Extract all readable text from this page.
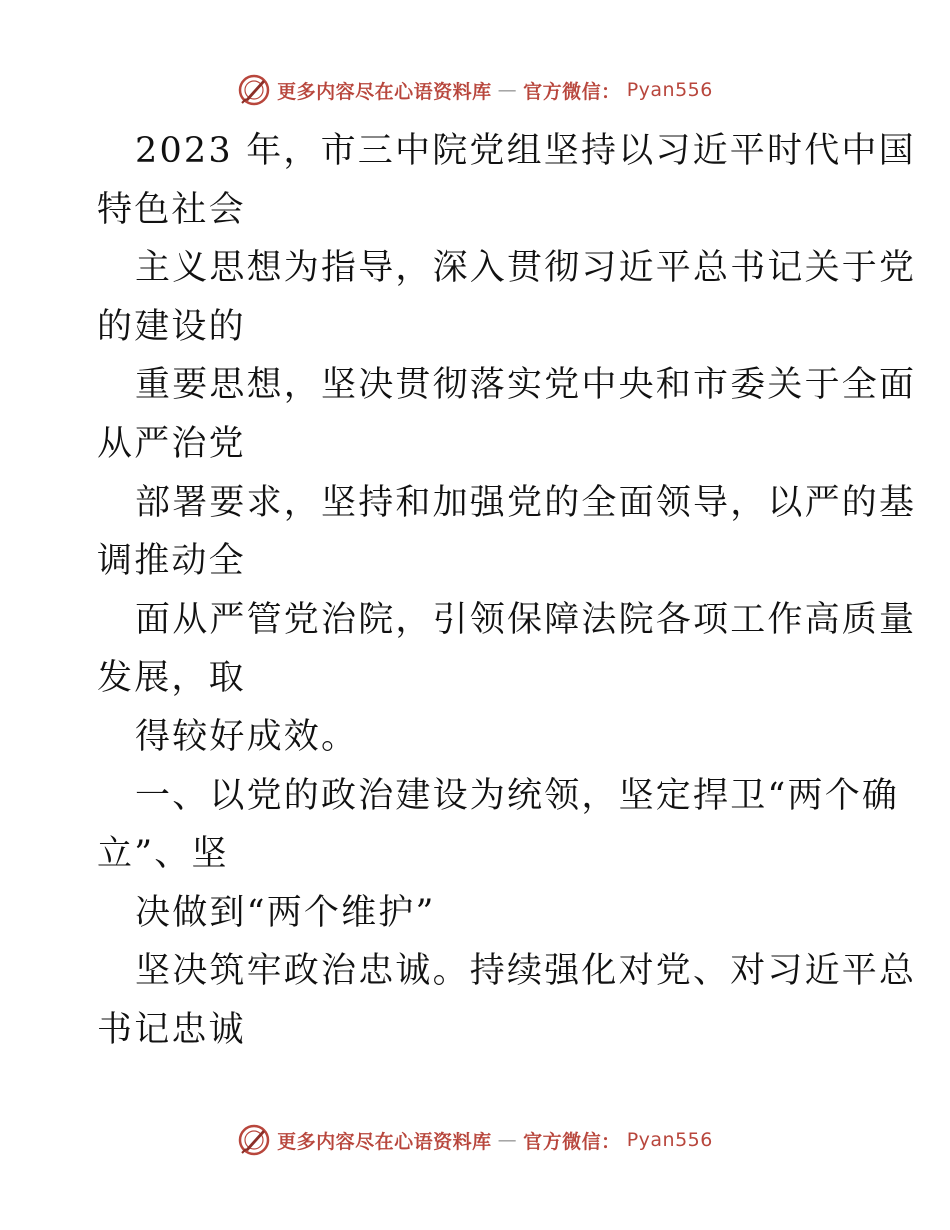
更多内容尽在心语资料库 — 官方微信： Pyan556
2023 年，市三中院党组坚持以习近平时代中国
特色社会
主义思想为指导，深入贯彻习近平总书记关于党
的建设的
重要思想，坚决贯彻落实党中央和市委关于全面
从严治党
部署要求，坚持和加强党的全面领导，以严的基
调推动全
面从严管党治院，引领保障法院各项工作高质量
发展，取
得较好成效。
一、以党的政治建设为统领，坚定捍卫“两个确
立”、坚
决做到“两个维护”
坚决筑牢政治忠诚。持续强化对党、对习近平总
书记忠诚
更多内容尽在心语资料库 — 官方微信： Pyan556
